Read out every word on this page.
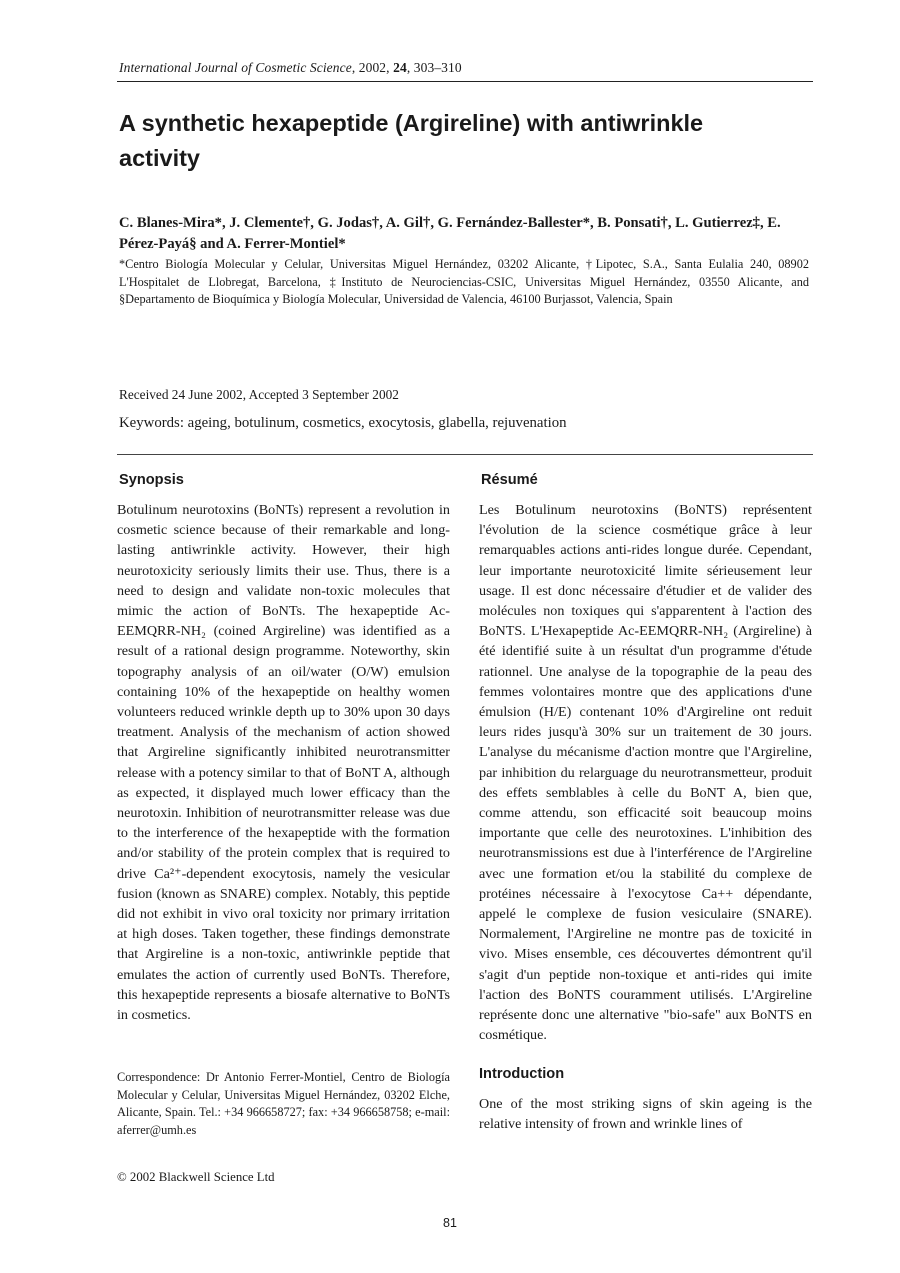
International Journal of Cosmetic Science, 2002, 24, 303–310
A synthetic hexapeptide (Argireline) with antiwrinkle activity
C. Blanes-Mira*, J. Clemente†, G. Jodas†, A. Gil†, G. Fernández-Ballester*, B. Ponsati†, L. Gutierrez‡, E. Pérez-Payá§ and A. Ferrer-Montiel*
*Centro Biología Molecular y Celular, Universitas Miguel Hernández, 03202 Alicante, †Lipotec, S.A., Santa Eulalia 240, 08902 L'Hospitalet de Llobregat, Barcelona, ‡Instituto de Neurociencias-CSIC, Universitas Miguel Hernández, 03550 Alicante, and §Departamento de Bioquímica y Biología Molecular, Universidad de Valencia, 46100 Burjassot, Valencia, Spain
Received 24 June 2002, Accepted 3 September 2002
Keywords: ageing, botulinum, cosmetics, exocytosis, glabella, rejuvenation
Synopsis

Botulinum neurotoxins (BoNTs) represent a revolution in cosmetic science because of their remarkable and long-lasting antiwrinkle activity. However, their high neurotoxicity seriously limits their use. Thus, there is a need to design and validate non-toxic molecules that mimic the action of BoNTs. The hexapeptide Ac-EEMQRR-NH₂ (coined Argireline) was identified as a result of a rational design programme. Noteworthy, skin topography analysis of an oil/water (O/W) emulsion containing 10% of the hexapeptide on healthy women volunteers reduced wrinkle depth up to 30% upon 30 days treatment. Analysis of the mechanism of action showed that Argireline significantly inhibited neurotransmitter release with a potency similar to that of BoNT A, although as expected, it displayed much lower efficacy than the neurotoxin. Inhibition of neurotransmitter release was due to the interference of the hexapeptide with the formation and/or stability of the protein complex that is required to drive Ca²⁺-dependent exocytosis, namely the vesicular fusion (known as SNARE) complex. Notably, this peptide did not exhibit in vivo oral toxicity nor primary irritation at high doses. Taken together, these findings demonstrate that Argireline is a non-toxic, antiwrinkle peptide that emulates the action of currently used BoNTs. Therefore, this hexapeptide represents a biosafe alternative to BoNTs in cosmetics.

Résumé

Les Botulinum neurotoxins (BoNTS) représentent l'évolution de la science cosmétique grâce à leur remarquables actions anti-rides longue durée. Cependant, leur importante neurotoxicité limite sérieusement leur usage. Il est donc nécessaire d'étudier et de valider des molécules non toxiques qui s'apparentent à l'action des BoNTS. L'Hexapeptide Ac-EEMQRR-NH₂ (Argireline) à été identifié suite à un résultat d'un programme d'étude rationnel. Une analyse de la topographie de la peau des femmes volontaires montre que des applications d'une émulsion (H/E) contenant 10% d'Argireline ont reduit leurs rides jusqu'à 30% sur un traitement de 30 jours. L'analyse du mécanisme d'action montre que l'Argireline, par inhibition du relarguage du neurotransmetteur, produit des effets semblables à celle du BoNT A, bien que, comme attendu, son efficacité soit beaucoup moins importante que celle des neurotoxines. L'inhibition des neurotransmissions est due à l'interférence de l'Argireline avec une formation et/ou la stabilité du complexe de protéines nécessaire à l'exocytose Ca++ dépendante, appelé le complexe de fusion vesiculaire (SNARE). Normalement, l'Argireline ne montre pas de toxicité in vivo. Mises ensemble, ces découvertes démontrent qu'il s'agit d'un peptide non-toxique et anti-rides qui imite l'action des BoNTS couramment utilisés. L'Argireline représente donc une alternative "bio-safe" aux BoNTS en cosmétique.

Correspondence: Dr Antonio Ferrer-Montiel, Centro de Biología Molecular y Celular, Universitas Miguel Hernández, 03202 Elche, Alicante, Spain. Tel.: +34 966658727; fax: +34 966658758; e-mail: aferrer@umh.es
Introduction

One of the most striking signs of skin ageing is the relative intensity of frown and wrinkle lines of

© 2002 Blackwell Science Ltd
81
